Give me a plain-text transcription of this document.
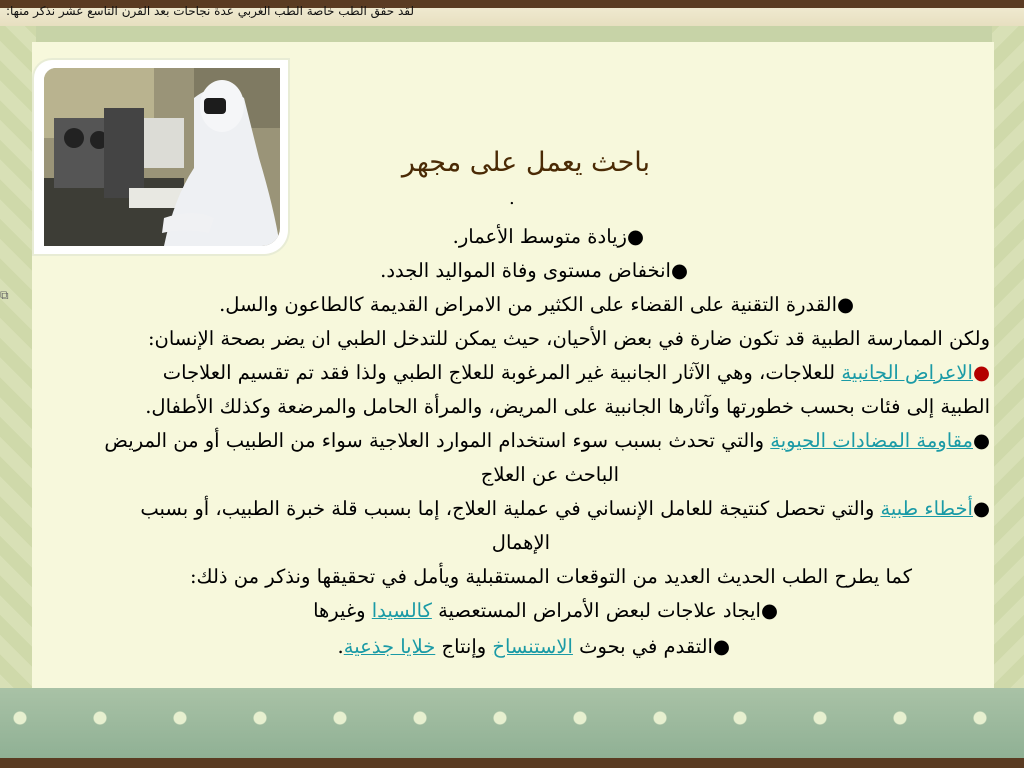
لقد حقق الطب خاصة الطب الغربي عدة نجاحات بعد القرن التاسع عشر نذكر منها:
باحث يعمل على مجهر
.
●زيادة متوسط الأعمار.
●انخفاض مستوى وفاة المواليد الجدد.
●القدرة التقنية على القضاء على الكثير من الامراض القديمة كالطاعون والسل.
ولكن الممارسة الطبية قد تكون ضارة في بعض الأحيان، حيث يمكن للتدخل الطبي ان يضر بصحة الإنسان:
●الاعراض الجانبية للعلاجات، وهي الآثار الجانبية غير المرغوبة للعلاج الطبي ولذا فقد تم تقسيم العلاجات
الطبية إلى فئات بحسب خطورتها وآثارها الجانبية على المريض، والمرأة الحامل والمرضعة وكذلك الأطفال.
●مقاومة المضادات الحيوية والتي تحدث بسبب سوء استخدام الموارد العلاجية سواء من الطبيب أو من المريض
الباحث عن العلاج
●أخطاء طبية والتي تحصل كنتيجة للعامل الإنساني في عملية العلاج، إما بسبب قلة خبرة الطبيب، أو بسبب
الإهمال
كما يطرح الطب الحديث العديد من التوقعات المستقبلية ويأمل في تحقيقها ونذكر من ذلك:
●ايجاد علاجات لبعض الأمراض المستعصية كالسيدا وغيرها
●التقدم في بحوث الاستنساخ وإنتاج خلايا جذعية.
⧉
